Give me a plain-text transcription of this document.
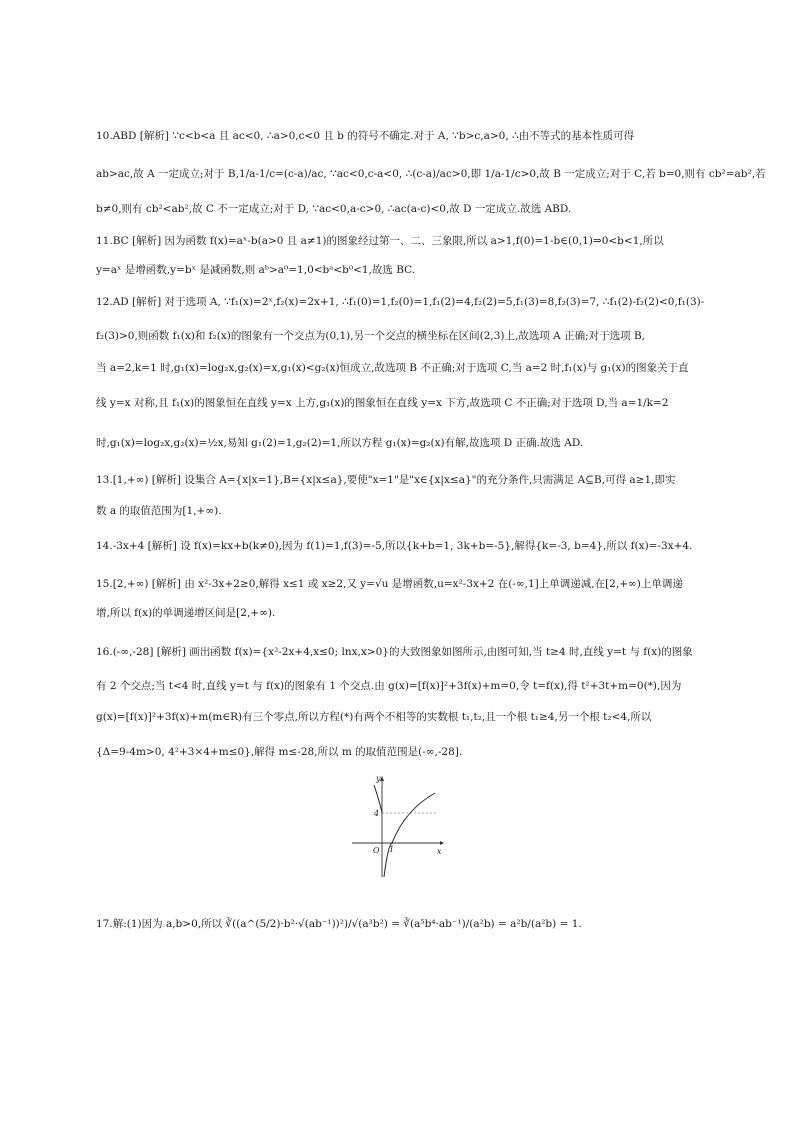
10.ABD [解析] ∵c<b<a 且 ac<0, ∴a>0,c<0 且 b 的符号不确定.对于 A, ∵b>c,a>0, ∴由不等式的基本性质可得
ab>ac,故 A 一定成立;对于 B,1/a-1/c=(c-a)/ac, ∵ac<0,c-a<0, ∴(c-a)/ac>0,即 1/a-1/c>0,故 B 一定成立;对于 C,若 b=0,则有 cb²=ab²,若
b≠0,则有 cb²<ab²,故 C 不一定成立;对于 D, ∵ac<0,a-c>0, ∴ac(a-c)<0,故 D 一定成立.故选 ABD.
11.BC [解析] 因为函数 f(x)=aˣ-b(a>0 且 a≠1)的图象经过第一、二、三象限,所以 a>1,f(0)=1-b∈(0,1)⇒0<b<1,所以
y=aˣ 是增函数,y=bˣ 是减函数,则 aᵇ>a⁰=1,0<bᵃ<b⁰<1,故选 BC.
12.AD [解析] 对于选项 A, ∵f₁(x)=2ˣ,f₂(x)=2x+1, ∴f₁(0)=1,f₂(0)=1,f₁(2)=4,f₂(2)=5,f₁(3)=8,f₂(3)=7, ∴f₁(2)-f₂(2)<0,f₁(3)-
f₂(3)>0,则函数 f₁(x)和 f₂(x)的图象有一个交点为(0,1),另一个交点的横坐标在区间(2,3)上,故选项 A 正确;对于选项 B,
当 a=2,k=1 时,g₁(x)=log₂x,g₂(x)=x,g₁(x)<g₂(x)恒成立,故选项 B 不正确;对于选项 C,当 a=2 时,f₁(x)与 g₁(x)的图象关于直
线 y=x 对称,且 f₁(x)的图象恒在直线 y=x 上方,g₁(x)的图象恒在直线 y=x 下方,故选项 C 不正确;对于选项 D,当 a=1/k=2
时,g₁(x)=log₂x,g₂(x)=½x,易知 g₁(2)=1,g₂(2)=1,所以方程 g₁(x)=g₂(x)有解,故选项 D 正确.故选 AD.
13.[1,+∞) [解析] 设集合 A={x|x=1},B={x|x≤a},要使"x=1"是"x∈{x|x≤a}"的充分条件,只需满足 A⊆B,可得 a≥1,即实
数 a 的取值范围为[1,+∞).
14.-3x+4 [解析] 设 f(x)=kx+b(k≠0),因为 f(1)=1,f(3)=-5,所以{k+b=1, 3k+b=-5},解得{k=-3, b=4},所以 f(x)=-3x+4.
15.[2,+∞) [解析] 由 x²-3x+2≥0,解得 x≤1 或 x≥2,又 y=√u 是增函数,u=x²-3x+2 在(-∞,1]上单调递减,在[2,+∞)上单调递
增,所以 f(x)的单调递增区间是[2,+∞).
16.(-∞,-28] [解析] 画出函数 f(x)={x²-2x+4,x≤0; lnx,x>0}的大致图象如图所示,由图可知,当 t≥4 时,直线 y=t 与 f(x)的图象
有 2 个交点;当 t<4 时,直线 y=t 与 f(x)的图象有 1 个交点.由 g(x)=[f(x)]²+3f(x)+m=0,令 t=f(x),得 t²+3t+m=0(*),因为
g(x)=[f(x)]²+3f(x)+m(m∈R)有三个零点,所以方程(*)有两个不相等的实数根 t₁,t₂,且一个根 t₁≥4,另一个根 t₂<4,所以
{Δ=9-4m>0, 4²+3×4+m≤0},解得 m≤-28,所以 m 的取值范围是(-∞,-28].
y
x
O 1
4
17.解:(1)因为 a,b>0,所以 ∛((a^(5/2)·b²·√(ab⁻¹))²)/√(a³b²) = ∛(a⁵b⁴·ab⁻¹)/(a²b) = a²b/(a²b) = 1.
